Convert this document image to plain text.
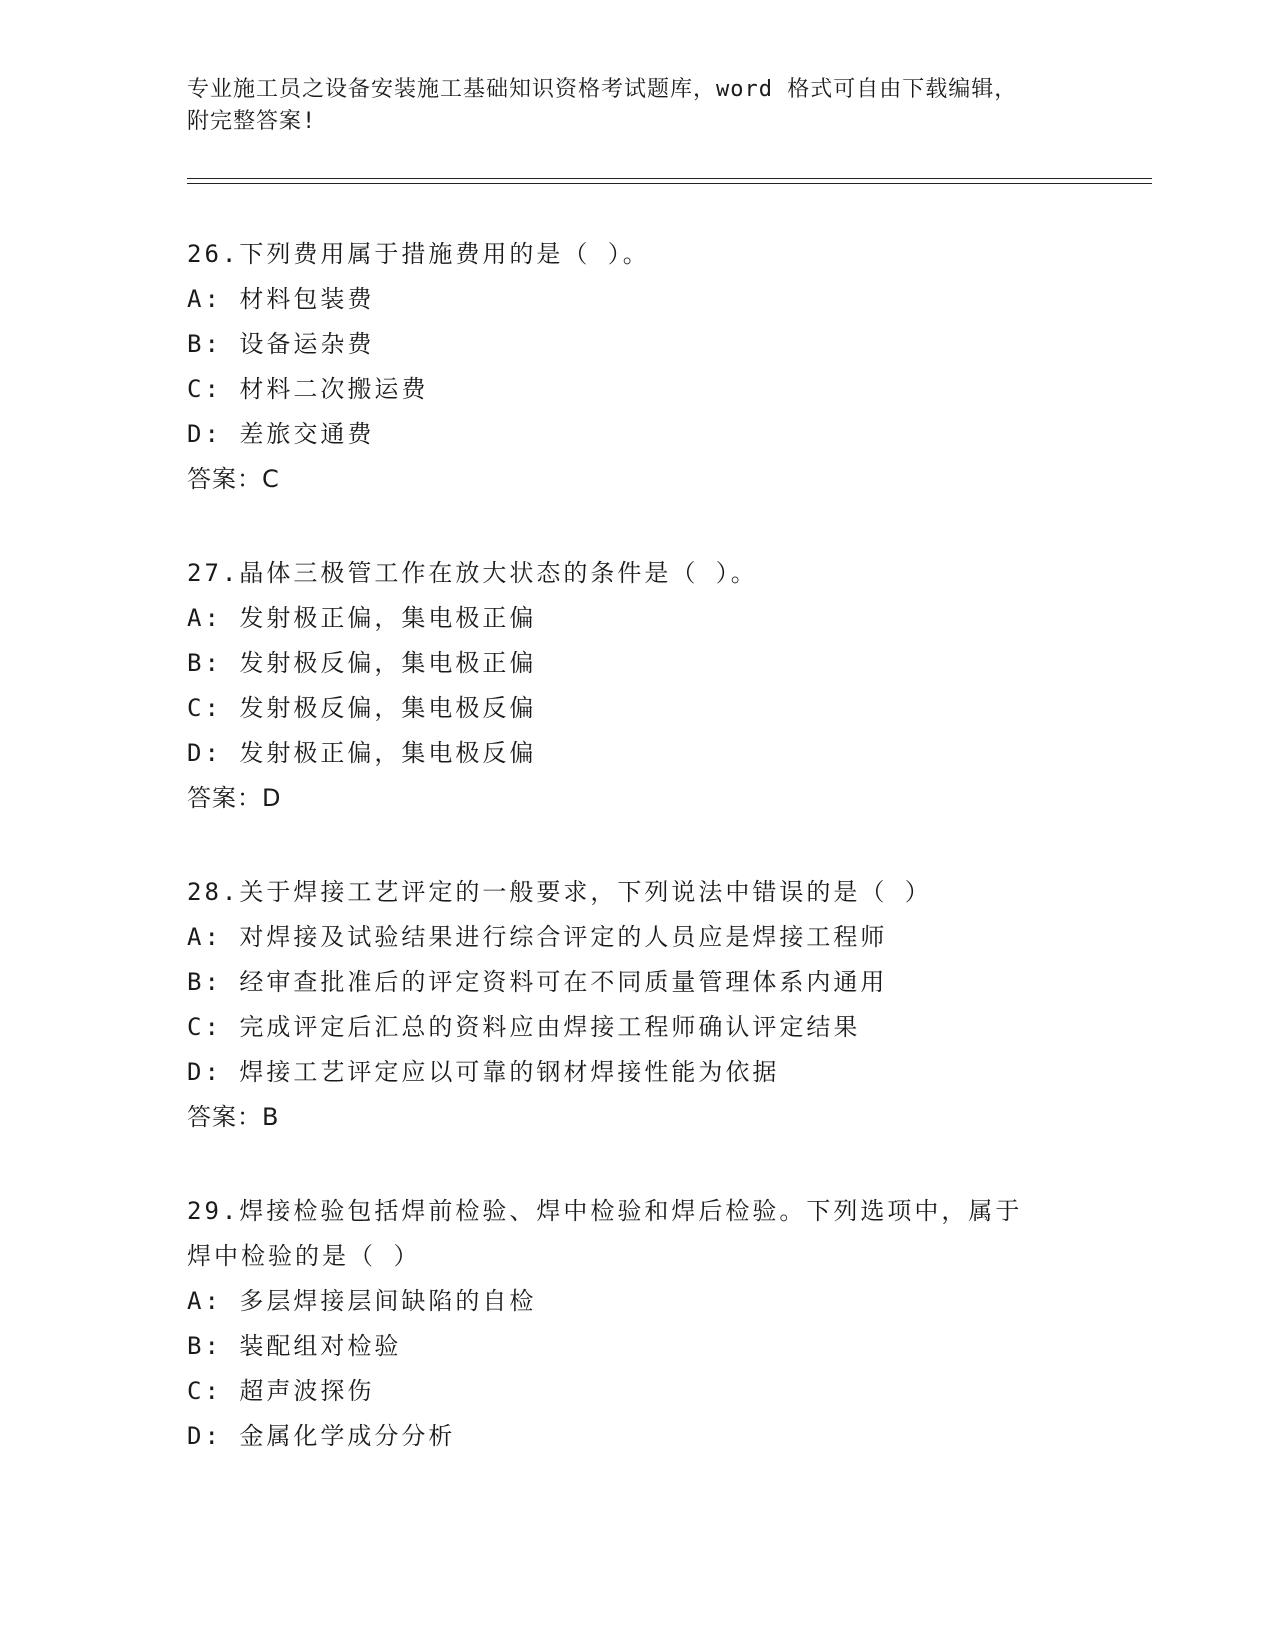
专业施工员之设备安装施工基础知识资格考试题库，word 格式可自由下载编辑，
附完整答案!
26.下列费用属于措施费用的是（ ）。
A: 材料包装费
B: 设备运杂费
C: 材料二次搬运费
D: 差旅交通费
答案：C
27.晶体三极管工作在放大状态的条件是（ ）。
A: 发射极正偏，集电极正偏
B: 发射极反偏，集电极正偏
C: 发射极反偏，集电极反偏
D: 发射极正偏，集电极反偏
答案：D
28.关于焊接工艺评定的一般要求，下列说法中错误的是（ ）
A: 对焊接及试验结果进行综合评定的人员应是焊接工程师
B: 经审查批准后的评定资料可在不同质量管理体系内通用
C: 完成评定后汇总的资料应由焊接工程师确认评定结果
D: 焊接工艺评定应以可靠的钢材焊接性能为依据
答案：B
29.焊接检验包括焊前检验、焊中检验和焊后检验。下列选项中，属于
焊中检验的是（ ）
A: 多层焊接层间缺陷的自检
B: 装配组对检验
C: 超声波探伤
D: 金属化学成分分析
